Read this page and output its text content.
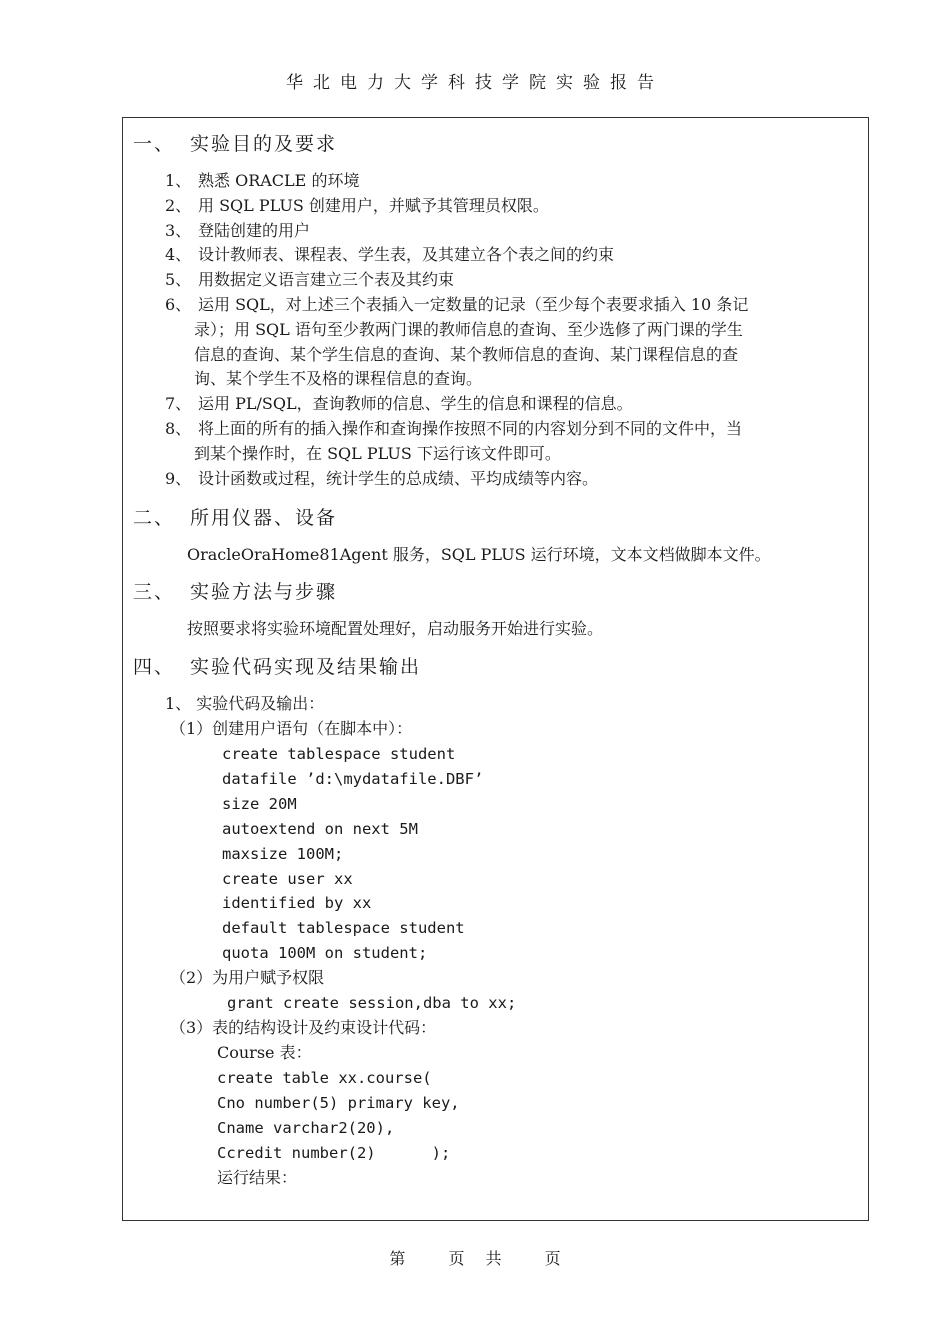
华北电力大学科技学院实验报告
一、 实验目的及要求
1、 熟悉 ORACLE 的环境
2、 用 SQL PLUS 创建用户，并赋予其管理员权限。
3、 登陆创建的用户
4、 设计教师表、课程表、学生表，及其建立各个表之间的约束
5、 用数据定义语言建立三个表及其约束
6、 运用 SQL，对上述三个表插入一定数量的记录（至少每个表要求插入 10 条记
录）；用 SQL 语句至少教两门课的教师信息的查询、至少选修了两门课的学生
信息的查询、某个学生信息的查询、某个教师信息的查询、某门课程信息的查
询、某个学生不及格的课程信息的查询。
7、 运用 PL/SQL，查询教师的信息、学生的信息和课程的信息。
8、 将上面的所有的插入操作和查询操作按照不同的内容划分到不同的文件中，当
到某个操作时，在 SQL PLUS 下运行该文件即可。
9、 设计函数或过程，统计学生的总成绩、平均成绩等内容。
二、 所用仪器、设备
OracleOraHome81Agent 服务，SQL PLUS 运行环境，文本文档做脚本文件。
三、 实验方法与步骤
按照要求将实验环境配置处理好，启动服务开始进行实验。
四、 实验代码实现及结果输出
1、 实验代码及输出：
（1）创建用户语句（在脚本中）：
create tablespace student
datafile ’d:\mydatafile.DBF’
size 20M
autoextend on next 5M
maxsize 100M;
create user xx
identified by xx
default tablespace student
quota 100M on student;
（2）为用户赋予权限
grant create session,dba to xx;
（3）表的结构设计及约束设计代码：
Course 表：
create table xx.course(
Cno number(5) primary key,
Cname varchar2(20),
Ccredit number(2)      );
运行结果：
第	页 共	页
